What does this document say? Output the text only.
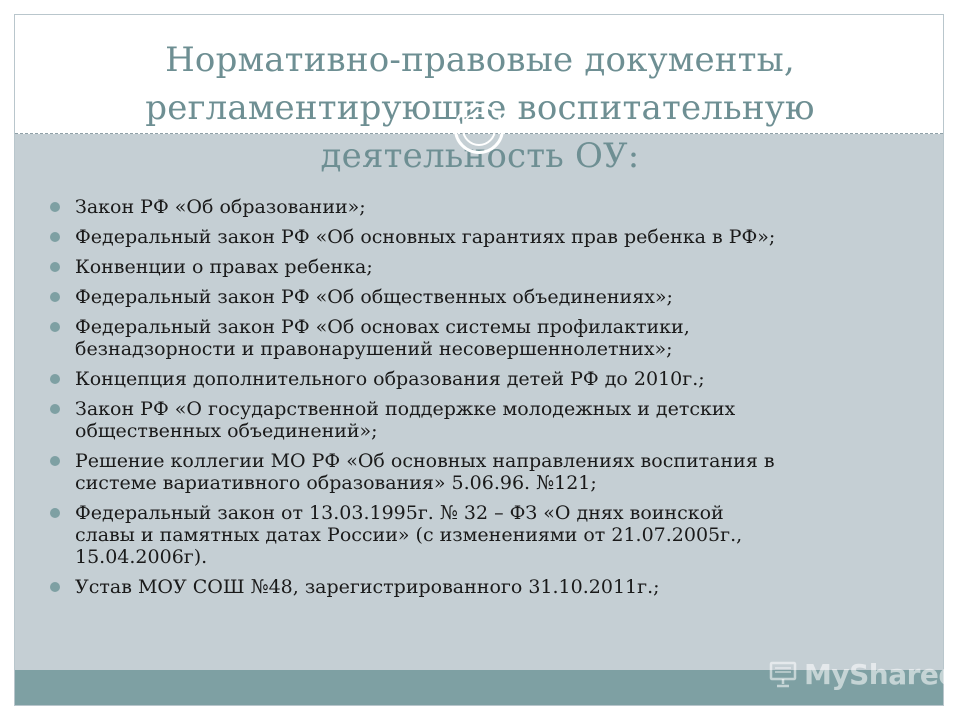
Нормативно-правовые документы, регламентирующие воспитательную деятельность ОУ:
Закон РФ «Об образовании»;
Федеральный закон РФ «Об основных гарантиях прав ребенка в РФ»;
Конвенции о правах ребенка;
Федеральный закон РФ «Об общественных объединениях»;
Федеральный закон РФ «Об основах системы профилактики,
безнадзорности и правонарушений несовершеннолетних»;
Концепция дополнительного образования детей РФ до 2010г.;
Закон РФ «О государственной поддержке молодежных и детских
общественных объединений»;
Решение коллегии МО РФ «Об основных направлениях воспитания в
системе вариативного образования» 5.06.96. №121;
Федеральный закон от 13.03.1995г. № 32 – ФЗ «О днях воинской
славы и памятных датах России» (с изменениями от 21.07.2005г.,
15.04.2006г).
Устав МОУ СОШ №48, зарегистрированного 31.10.2011г.;
MyShared
